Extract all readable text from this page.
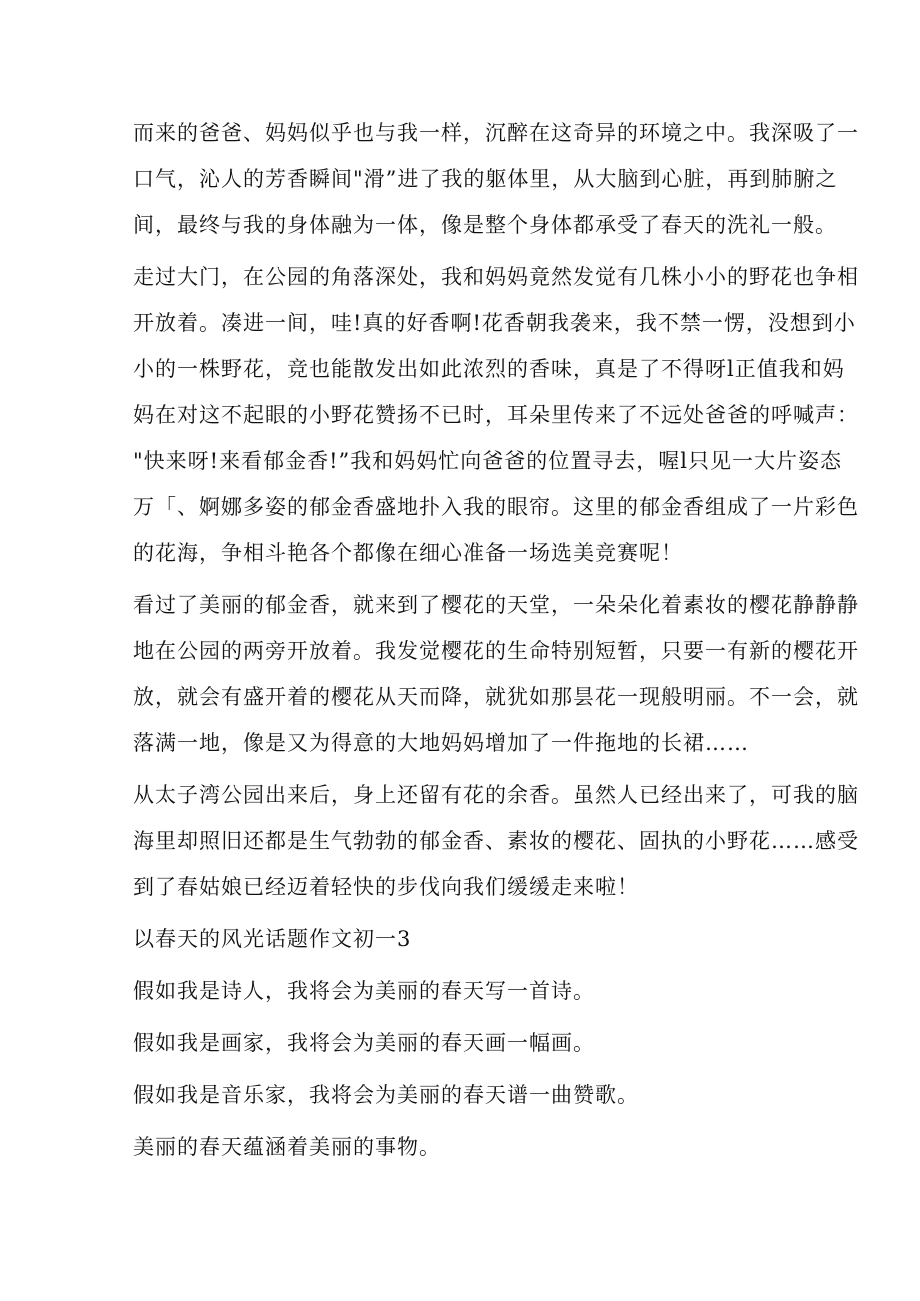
而来的爸爸、妈妈似乎也与我一样，沉醉在这奇异的环境之中。我深吸了一
口气，沁人的芳香瞬间"滑”进了我的躯体里，从大脑到心脏，再到肺腑之
间，最终与我的身体融为一体，像是整个身体都承受了春天的洗礼一般。
走过大门，在公园的角落深处，我和妈妈竟然发觉有几株小小的野花也争相
开放着。凑进一间，哇!真的好香啊!花香朝我袭来，我不禁一愣，没想到小
小的一株野花，竞也能散发出如此浓烈的香味，真是了不得呀l正值我和妈
妈在对这不起眼的小野花赞扬不已时，耳朵里传来了不远处爸爸的呼喊声：
"快来呀!来看郁金香!”我和妈妈忙向爸爸的位置寻去，喔l只见一大片姿态
万「、婀娜多姿的郁金香盛地扑入我的眼帘。这里的郁金香组成了一片彩色
的花海，争相斗艳各个都像在细心准备一场选美竞赛呢！
看过了美丽的郁金香，就来到了樱花的天堂，一朵朵化着素妆的樱花静静静
地在公园的两旁开放着。我发觉樱花的生命特别短暂，只要一有新的樱花开
放，就会有盛开着的樱花从天而降，就犹如那昙花一现般明丽。不一会，就
落满一地，像是又为得意的大地妈妈增加了一件拖地的长裙……
从太子湾公园出来后，身上还留有花的余香。虽然人已经出来了，可我的脑
海里却照旧还都是生气勃勃的郁金香、素妆的樱花、固执的小野花……感受
到了春姑娘已经迈着轻快的步伐向我们缓缓走来啦！
以春天的风光话题作文初一3
假如我是诗人，我将会为美丽的春天写一首诗。
假如我是画家，我将会为美丽的春天画一幅画。
假如我是音乐家，我将会为美丽的春天谱一曲赞歌。
美丽的春天蕴涵着美丽的事物。
